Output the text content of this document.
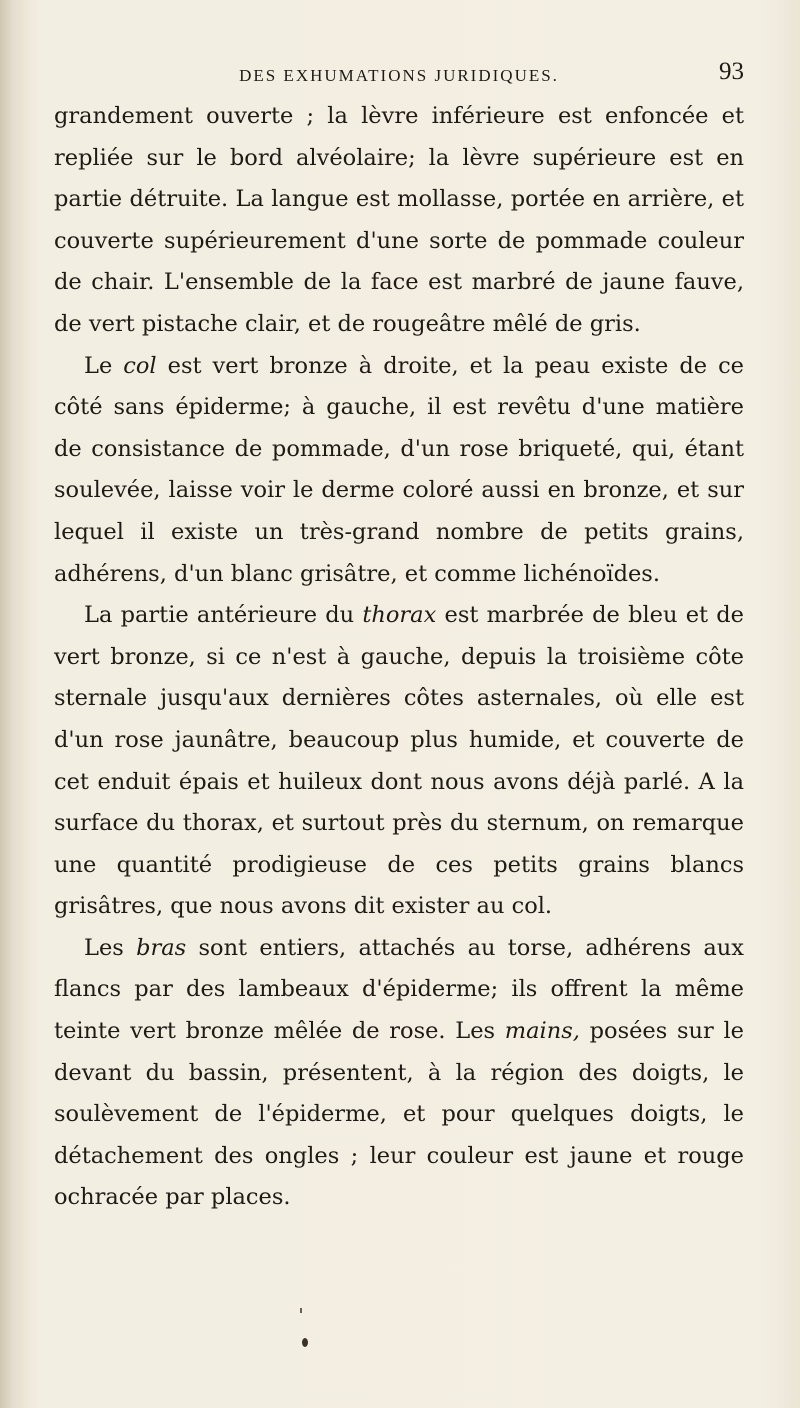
DES EXHUMATIONS JURIDIQUES.	93

grandement ouverte ; la lèvre inférieure est enfoncée et repliée sur le bord alvéolaire; la lèvre supérieure est en partie détruite. La langue est mollasse, portée en arrière, et couverte supérieurement d'une sorte de pommade couleur de chair. L'ensemble de la face est marbré de jaune fauve, de vert pistache clair, et de rougeâtre mêlé de gris.

Le col est vert bronze à droite, et la peau existe de ce côté sans épiderme; à gauche, il est revêtu d'une matière de consistance de pommade, d'un rose briqueté, qui, étant soulevée, laisse voir le derme coloré aussi en bronze, et sur lequel il existe un très-grand nombre de petits grains, adhérens, d'un blanc grisâtre, et comme lichénoïdes.

La partie antérieure du thorax est marbrée de bleu et de vert bronze, si ce n'est à gauche, depuis la troisième côte sternale jusqu'aux dernières côtes asternales, où elle est d'un rose jaunâtre, beaucoup plus humide, et couverte de cet enduit épais et huileux dont nous avons déjà parlé. A la surface du thorax, et surtout près du sternum, on remarque une quantité prodigieuse de ces petits grains blancs grisâtres, que nous avons dit exister au col.

Les bras sont entiers, attachés au torse, adhérens aux flancs par des lambeaux d'épiderme; ils offrent la même teinte vert bronze mêlée de rose. Les mains, posées sur le devant du bassin, présentent, à la région des doigts, le soulèvement de l'épiderme, et pour quelques doigts, le détachement des ongles ; leur couleur est jaune et rouge ochracée par places.
